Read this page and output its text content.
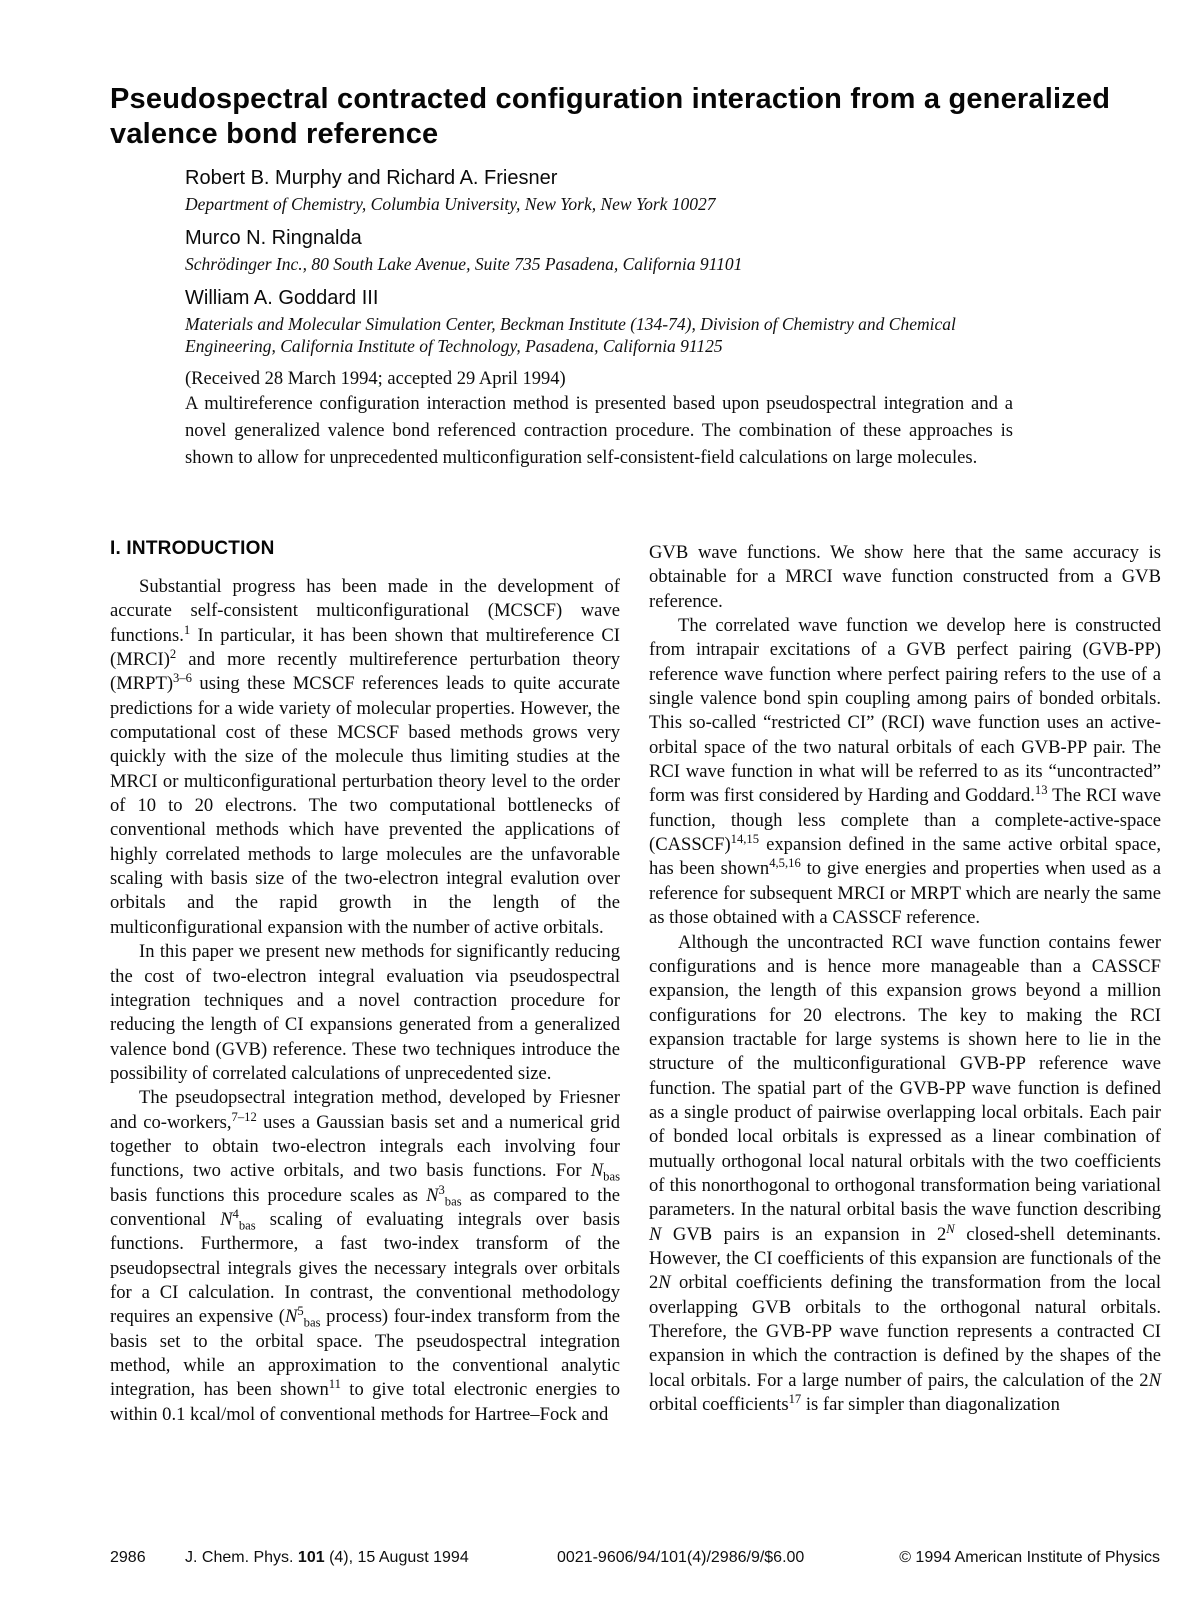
Pseudospectral contracted configuration interaction from a generalized valence bond reference

Robert B. Murphy and Richard A. Friesner

Department of Chemistry, Columbia University, New York, New York 10027

Murco N. Ringnalda

Schrödinger Inc., 80 South Lake Avenue, Suite 735 Pasadena, California 91101

William A. Goddard III

Materials and Molecular Simulation Center, Beckman Institute (134-74), Division of Chemistry and Chemical Engineering, California Institute of Technology, Pasadena, California 91125

(Received 28 March 1994; accepted 29 April 1994)

A multireference configuration interaction method is presented based upon pseudospectral integration and a novel generalized valence bond referenced contraction procedure. The combination of these approaches is shown to allow for unprecedented multiconfiguration self-consistent-field calculations on large molecules.
I. INTRODUCTION

Substantial progress has been made in the development of accurate self-consistent multiconfigurational (MCSCF) wave functions.$^1$ In particular, it has been shown that multireference CI (MRCI)$^2$ and more recently multireference perturbation theory (MRPT)$^{3-6}$ using these MCSCF references leads to quite accurate predictions for a wide variety of molecular properties. However, the computational cost of these MCSCF based methods grows very quickly with the size of the molecule thus limiting studies at the MRCI or multiconfigurational perturbation theory level to the order of 10 to 20 electrons. The two computational bottlenecks of conventional methods which have prevented the applications of highly correlated methods to large molecules are the unfavorable scaling with basis size of the two-electron integral evalution over orbitals and the rapid growth in the length of the multiconfigurational expansion with the number of active orbitals.

In this paper we present new methods for significantly reducing the cost of two-electron integral evaluation via pseudospectral integration techniques and a novel contraction procedure for reducing the length of CI expansions generated from a generalized valence bond (GVB) reference. These two techniques introduce the possibility of correlated calculations of unprecedented size.

The pseudopsectral integration method, developed by Friesner and co-workers,$^{7-12}$ uses a Gaussian basis set and a numerical grid together to obtain two-electron integrals each involving four functions, two active orbitals, and two basis functions. For $N_{bas}$ basis functions this procedure scales as $N^3_{bas}$ as compared to the conventional $N^4_{bas}$ scaling of evaluating integrals over basis functions. Furthermore, a fast two-index transform of the pseudopsectral integrals gives the necessary integrals over orbitals for a CI calculation. In contrast, the conventional methodology requires an expensive ($N^5_{bas}$ process) four-index transform from the basis set to the orbital space. The pseudospectral integration method, while an approximation to the conventional analytic integration, has been shown$^{11}$ to give total electronic energies to within 0.1 kcal/mol of conventional methods for Hartree–Fock and

GVB wave functions. We show here that the same accuracy is obtainable for a MRCI wave function constructed from a GVB reference.

The correlated wave function we develop here is constructed from intrapair excitations of a GVB perfect pairing (GVB-PP) reference wave function where perfect pairing refers to the use of a single valence bond spin coupling among pairs of bonded orbitals. This so-called “restricted CI” (RCI) wave function uses an active-orbital space of the two natural orbitals of each GVB-PP pair. The RCI wave function in what will be referred to as its “uncontracted” form was first considered by Harding and Goddard.$^{13}$ The RCI wave function, though less complete than a complete-active-space (CASSCF)$^{14,15}$ expansion defined in the same active orbital space, has been shown$^{4,5,16}$ to give energies and properties when used as a reference for subsequent MRCI or MRPT which are nearly the same as those obtained with a CASSCF reference.

Although the uncontracted RCI wave function contains fewer configurations and is hence more manageable than a CASSCF expansion, the length of this expansion grows beyond a million configurations for 20 electrons. The key to making the RCI expansion tractable for large systems is shown here to lie in the structure of the multiconfigurational GVB-PP reference wave function. The spatial part of the GVB-PP wave function is defined as a single product of pairwise overlapping local orbitals. Each pair of bonded local orbitals is expressed as a linear combination of mutually orthogonal local natural orbitals with the two coefficients of this nonorthogonal to orthogonal transformation being variational parameters. In the natural orbital basis the wave function describing N GVB pairs is an expansion in $2^N$ closed-shell deteminants. However, the CI coefficients of this expansion are functionals of the 2N orbital coefficients defining the transformation from the local overlapping GVB orbitals to the orthogonal natural orbitals. Therefore, the GVB-PP wave function represents a contracted CI expansion in which the contraction is defined by the shapes of the local orbitals. For a large number of pairs, the calculation of the 2N orbital coefficients$^{17}$ is far simpler than diagonalization

2986 J. Chem. Phys. 101 (4), 15 August 1994	0021-9606/94/101(4)/2986/9/$6.00	© 1994 American Institute of Physics
